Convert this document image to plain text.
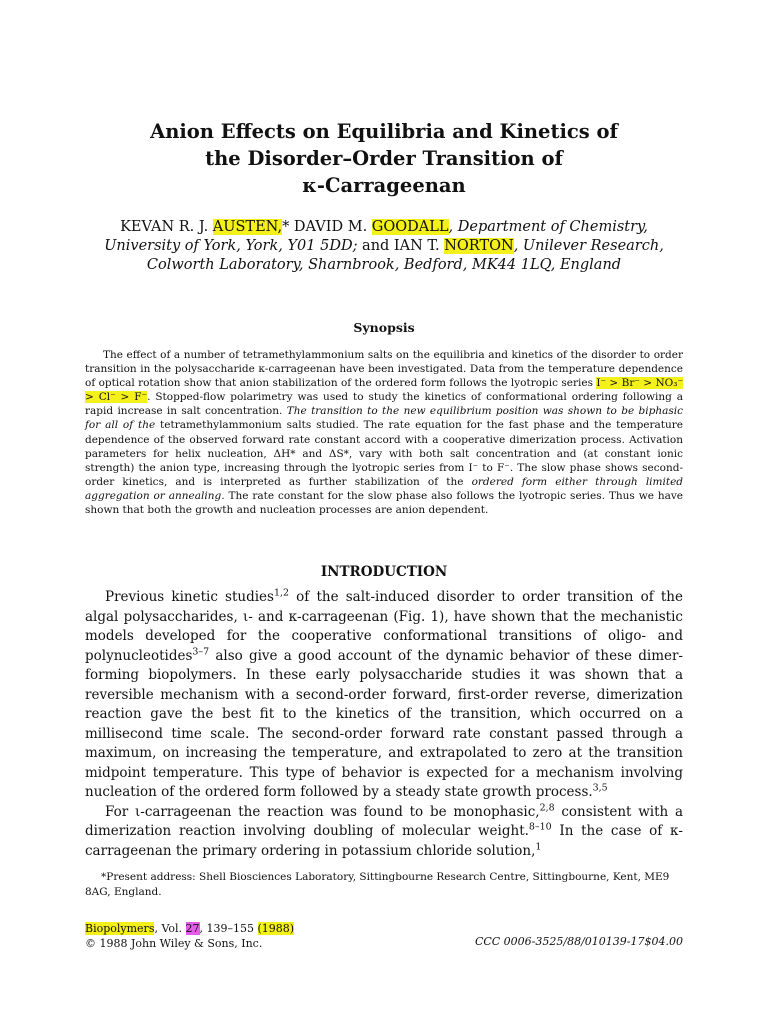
Anion Effects on Equilibria and Kinetics of
the Disorder–Order Transition of
κ-Carrageenan
KEVAN R. J. AUSTEN,* DAVID M. GOODALL, Department of Chemistry, University of York, York, Y01 5DD; and IAN T. NORTON, Unilever Research, Colworth Laboratory, Sharnbrook, Bedford, MK44 1LQ, England
Synopsis
The effect of a number of tetramethylammonium salts on the equilibria and kinetics of the disorder to order transition in the polysaccharide κ-carrageenan have been investigated. Data from the temperature dependence of optical rotation show that anion stabilization of the ordered form follows the lyotropic series I⁻ > Br⁻ > NO₃⁻ > Cl⁻ > F⁻. Stopped-flow polarimetry was used to study the kinetics of conformational ordering following a rapid increase in salt concentration. The transition to the new equilibrium position was shown to be biphasic for all of the tetramethylammonium salts studied. The rate equation for the fast phase and the temperature dependence of the observed forward rate constant accord with a cooperative dimerization process. Activation parameters for helix nucleation, ΔH* and ΔS*, vary with both salt concentration and (at constant ionic strength) the anion type, increasing through the lyotropic series from I⁻ to F⁻. The slow phase shows second-order kinetics, and is interpreted as further stabilization of the ordered form either through limited aggregation or annealing. The rate constant for the slow phase also follows the lyotropic series. Thus we have shown that both the growth and nucleation processes are anion dependent.
INTRODUCTION

Previous kinetic studies$^{1,2}$ of the salt-induced disorder to order transition of the algal polysaccharides, ι- and κ-carrageenan (Fig. 1), have shown that the mechanistic models developed for the cooperative conformational transitions of oligo- and polynucleotides$^{3-7}$ also give a good account of the dynamic behavior of these dimer-forming biopolymers. In these early polysaccharide studies it was shown that a reversible mechanism with a second-order forward, first-order reverse, dimerization reaction gave the best fit to the kinetics of the transition, which occurred on a millisecond time scale. The second-order forward rate constant passed through a maximum, on increasing the temperature, and extrapolated to zero at the transition midpoint temperature. This type of behavior is expected for a mechanism involving nucleation of the ordered form followed by a steady state growth process.$^{3,5}$

For ι-carrageenan the reaction was found to be monophasic,$^{2,8}$ consistent with a dimerization reaction involving doubling of molecular weight.$^{8-10}$ In the case of κ-carrageenan the primary ordering in potassium chloride solution,$^1$

*Present address: Shell Biosciences Laboratory, Sittingbourne Research Centre, Sittingbourne, Kent, ME9 8AG, England.

Biopolymers, Vol. 27, 139–155 (1988)
© 1988 John Wiley & Sons, Inc.	CCC 0006-3525/88/010139-17$04.00
